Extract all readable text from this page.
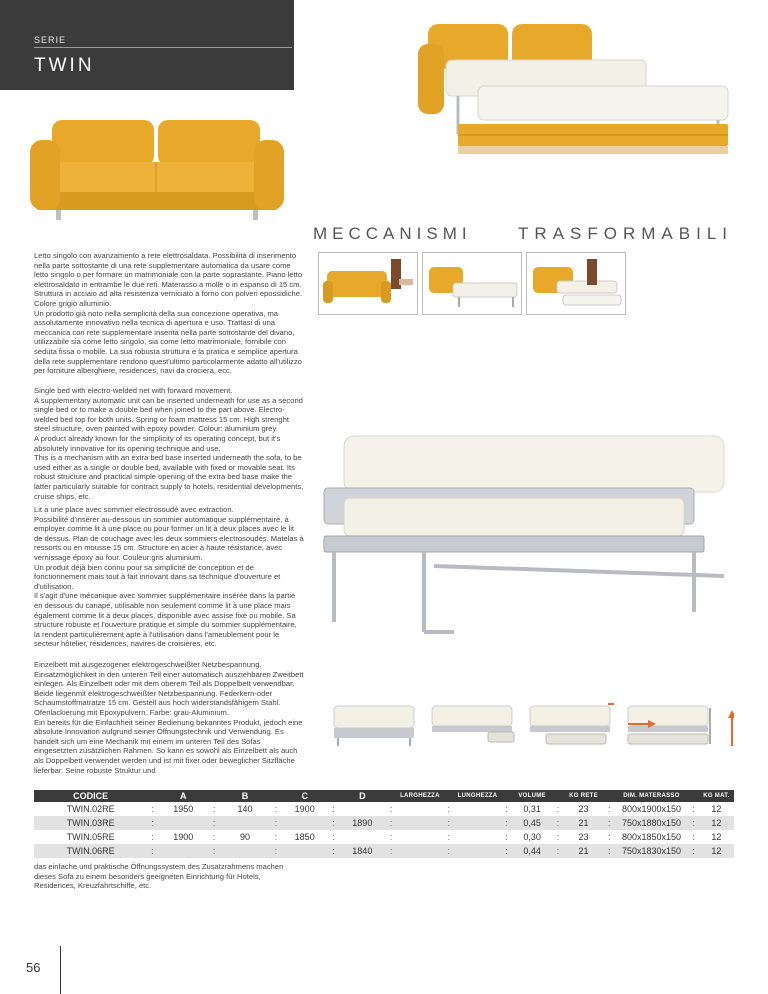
SERIE
TWIN
MECCANISMI	TRASFORMABILI

Letto singolo con avanzamento a rete elettrosaldata. Possibilità di inserimento nella parte sottostante di una rete supplementare automatica da usare come letto singolo o per formare un matrimoniale con la parte soprastante. Piano letto elettrosaldato in entrambe le due reti. Materasso a molle o in espanso di 15 cm. Struttura in acciaio ad alta resistenza verniciato a forno con polveri epossidiche. Colore grigio alluminio.

Un prodotto già noto nella semplicità della sua concezione operativa, ma assolutamente innovativo nella tecnica di apertura e uso. Trattasi di una meccanica con rete supplementare inserita nella parte sottostante del divano, utilizzabile sia come letto singolo, sia come letto matrimoniale, fornibile con seduta fissa o mobile. La sua robusta struttura e la pratica e semplice apertura della rete supplementare rendono quest'ultimo particolarmente adatto all'utilizzo per forniture alberghiere, residences, navi da crociera, ecc.

Single bed with electro-welded net with forward movement.

A supplementary automatic unit can be inserted underneath for use as a second single bed or to make a double bed when joined to the part above. Electro-welded bed top for both units. Spring or foam mattress 15 cm. High strenght steel structure, oven painted with epoxy powder. Colour: aluminium grey.

A product already known for the simplicity of its operating concept, but it's absolutely innovative for its opening technique and use.

This is a mechanism with an extra bed base inserted underneath the sofa, to be used either as a single or double bed, available with fixed or movable seat. Its robust structure and practical simple opening of the extra bed base make the latter particularly suitable for contract supply to hotels, residential developments, cruise ships, etc.

Lit a une place avec sommier electrosoudé avec extraction.

Possibilité d'insérer au-dessous un sommier automatique supplémentaire, à employer comme lit à une place ou pour former un lit à deux places avec le lit de dessus. Plan de couchage avec les deux sommiers electrosoudés. Matelas à ressorts ou en mousse 15 cm. Structure en acier à haute résistance, avec vernissage époxy au four. Couleur:gris aluminium.

Un produit déjà bien connu pour sa simplicité de conception et de fonctionnement mais tout à fait innovant dans sa technique d'ouverture et d'utilisation.

Il s'agit d'une mécanique avec sommier supplémentaire insérée dans la partie en dessous du canapé, utilisable non seulement comme lit à une place mais également comme lit à deux places, disponible avec assise fixe ou mobile. Sa structure robuste et l'ouverture pratique et simple du sommier supplémentaire, la rendent particulièrement apte à l'utilisation dans l'ameublement pour le secteur hôtelier, résidences, navires de croisières, etc.

Einzelbett mit ausgezogener elektrogeschweißter Netzbespannung. Einsatzmöglichkeit in den unteren Teil einer automatisch ausziehbaren Zweitbett einlegen. Als Einzelbett oder mit dem oberem Teil als Doppelbett verwendbar. Beide liegenmit elektrogeschweißter Netzbespannung. Federkern-oder Schaumstoffmatratze 15 cm. Gestell aus hoch widerstandsfähigem Stahl. Ofenlackierung mit Epoxypulvern. Farbe: grau-Aluminium.

Ein bereits für die Einfachheit seiner Bedienung bekanntes Produkt, jedoch eine absolute Innovation aufgrund seiner Öffnungstechnik und Verwendung. Es handelt sich um eine Mechanik mit einem im unteren Teil des Sofas eingesetzten zusätzlichen Rahmen. So kann es sowohl als Einzelbett als auch als Doppelbett verwendet werden und ist mit fixer oder beweglicher Sitzfläche lieferbar. Seine robuste Struktur und

CODICE		A		B		C		D		LARGHEZZA		LUNGHEZZA		VOLUME		KG RETE		DIM. MATERASSO		KG MAT.
TWIN.02RE	:	1950	:	140	:	1900	:		:		:		:	0,31	:	23	:	800x1900x150	:	12
TWIN.03RE	:		:		:		:	1890	:		:		:	0,45	:	21	:	750x1880x150	:	12
TWIN.05RE	:	1900	:	90	:	1850	:		:		:		:	0,30	:	23	:	800x1850x150	:	12
TWIN.06RE	:		:		:		:	1840	:		:		:	0,44	:	21	:	750x1830x150	:	12
das einfache und praktische Öffnungssystem des Zusatzrahmens machen dieses Sofa zu einem besonders geeigneten Einrichtung für Hotels, Residences, Kreuzfahrtschiffe, etc.
56
